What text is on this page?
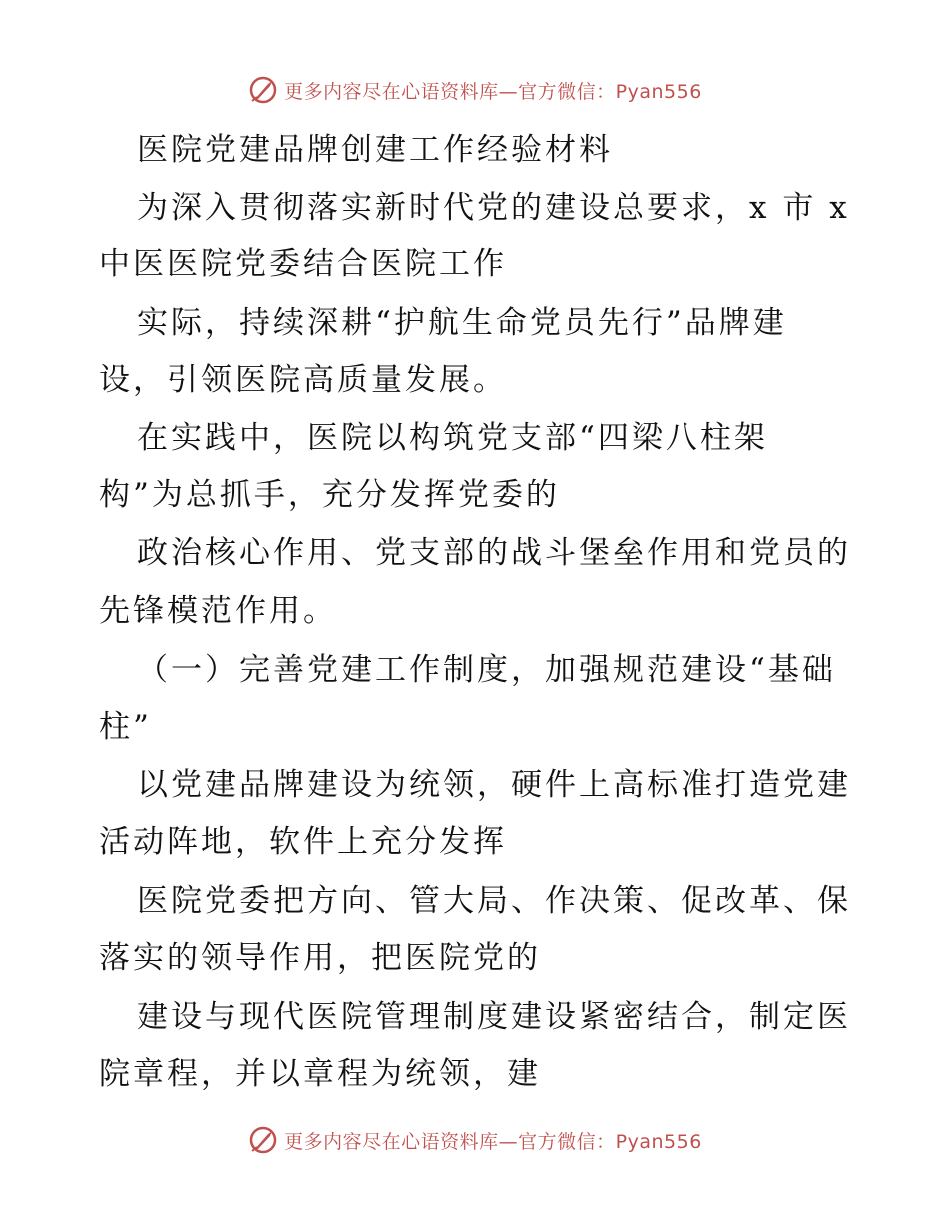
更多内容尽在心语资料库—官方微信：Pyan556
医院党建品牌创建工作经验材料
为深入贯彻落实新时代党的建设总要求，x 市 x
中医医院党委结合医院工作
实际，持续深耕“护航生命党员先行”品牌建
设，引领医院高质量发展。
在实践中，医院以构筑党支部“四梁八柱架
构”为总抓手，充分发挥党委的
政治核心作用、党支部的战斗堡垒作用和党员的
先锋模范作用。
（一）完善党建工作制度，加强规范建设“基础
柱”
以党建品牌建设为统领，硬件上高标准打造党建
活动阵地，软件上充分发挥
医院党委把方向、管大局、作决策、促改革、保
落实的领导作用，把医院党的
建设与现代医院管理制度建设紧密结合，制定医
院章程，并以章程为统领，建
更多内容尽在心语资料库—官方微信：Pyan556
